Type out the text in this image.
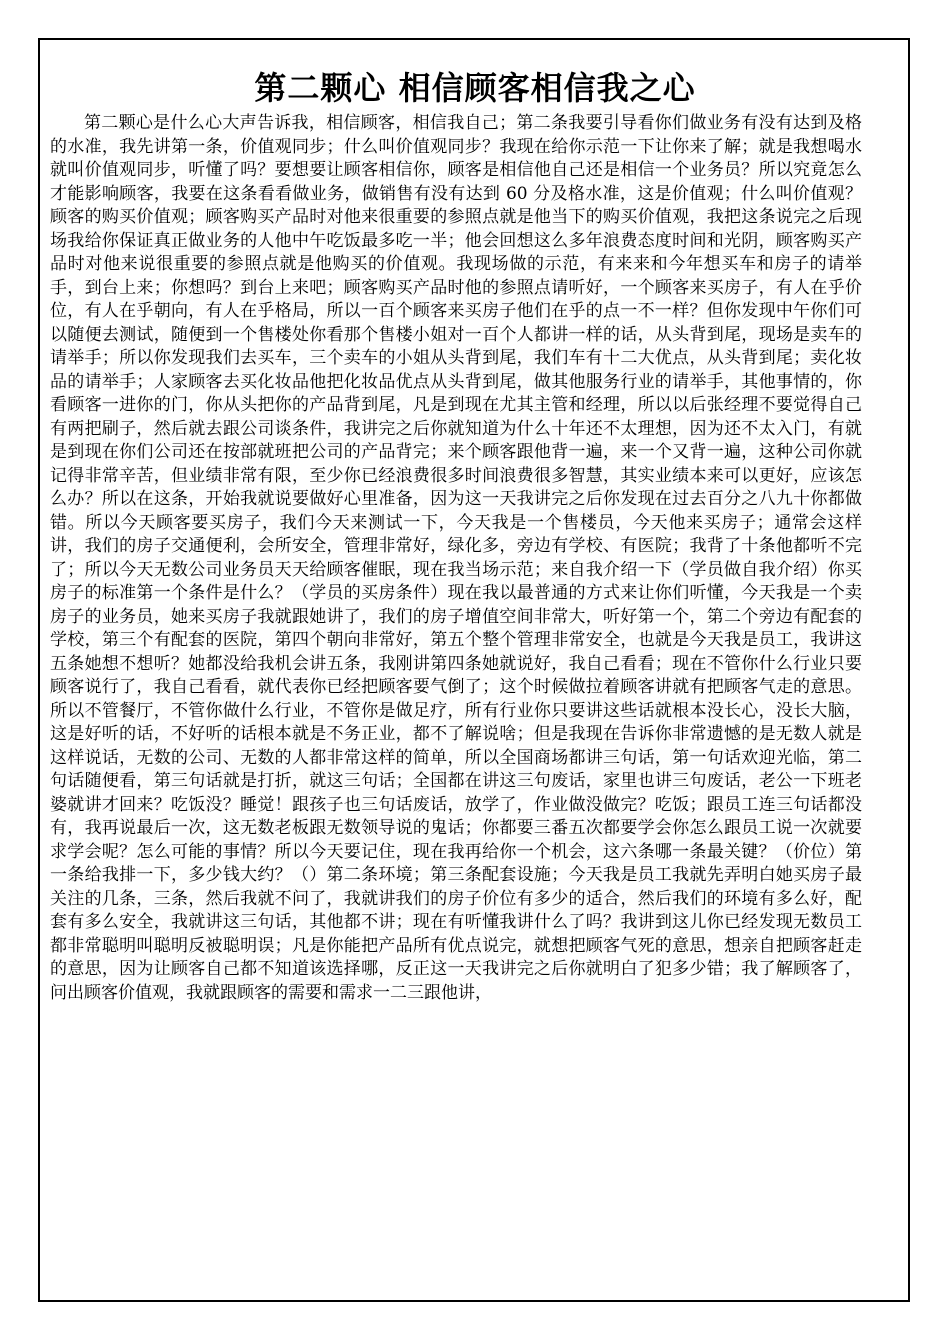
第二颗心 相信顾客相信我之心

第二颗心是什么心大声告诉我，相信顾客，相信我自己；第二条我要引导看你们做业务有没有达到及格的水准，我先讲第一条，价值观同步；什么叫价值观同步？我现在给你示范一下让你来了解；就是我想喝水就叫价值观同步，听懂了吗？要想要让顾客相信你，顾客是相信他自己还是相信一个业务员？所以究竟怎么才能影响顾客，我要在这条看看做业务，做销售有没有达到 60 分及格水准，这是价值观；什么叫价值观？顾客的购买价值观；顾客购买产品时对他来很重要的参照点就是他当下的购买价值观，我把这条说完之后现场我给你保证真正做业务的人他中午吃饭最多吃一半；他会回想这么多年浪费态度时间和光阴，顾客购买产品时对他来说很重要的参照点就是他购买的价值观。我现场做的示范，有来来和今年想买车和房子的请举手，到台上来；你想吗？到台上来吧；顾客购买产品时他的参照点请听好，一个顾客来买房子，有人在乎价位，有人在乎朝向，有人在乎格局，所以一百个顾客来买房子他们在乎的点一不一样？但你发现中午你们可以随便去测试，随便到一个售楼处你看那个售楼小姐对一百个人都讲一样的话，从头背到尾，现场是卖车的请举手；所以你发现我们去买车，三个卖车的小姐从头背到尾，我们车有十二大优点，从头背到尾；卖化妆品的请举手；人家顾客去买化妆品他把化妆品优点从头背到尾，做其他服务行业的请举手，其他事情的，你看顾客一进你的门，你从头把你的产品背到尾，凡是到现在尤其主管和经理，所以以后张经理不要觉得自己有两把刷子，然后就去跟公司谈条件，我讲完之后你就知道为什么十年还不太理想，因为还不太入门，有就是到现在你们公司还在按部就班把公司的产品背完；来个顾客跟他背一遍，来一个又背一遍，这种公司你就记得非常辛苦，但业绩非常有限，至少你已经浪费很多时间浪费很多智慧，其实业绩本来可以更好，应该怎么办？所以在这条，开始我就说要做好心里准备，因为这一天我讲完之后你发现在过去百分之八九十你都做错。所以今天顾客要买房子，我们今天来测试一下，今天我是一个售楼员，今天他来买房子；通常会这样讲，我们的房子交通便利，会所安全，管理非常好，绿化多，旁边有学校、有医院；我背了十条他都听不完了；所以今天无数公司业务员天天给顾客催眠，现在我当场示范；来自我介绍一下（学员做自我介绍）你买房子的标准第一个条件是什么？（学员的买房条件）现在我以最普通的方式来让你们听懂，今天我是一个卖房子的业务员，她来买房子我就跟她讲了，我们的房子增值空间非常大，听好第一个，第二个旁边有配套的学校，第三个有配套的医院，第四个朝向非常好，第五个整个管理非常安全，也就是今天我是员工，我讲这五条她想不想听？她都没给我机会讲五条，我刚讲第四条她就说好，我自己看看；现在不管你什么行业只要顾客说行了，我自己看看，就代表你已经把顾客要气倒了；这个时候做拉着顾客讲就有把顾客气走的意思。所以不管餐厅，不管你做什么行业，不管你是做足疗，所有行业你只要讲这些话就根本没长心，没长大脑，这是好听的话，不好听的话根本就是不务正业，都不了解说啥；但是我现在告诉你非常遗憾的是无数人就是这样说话，无数的公司、无数的人都非常这样的简单，所以全国商场都讲三句话，第一句话欢迎光临，第二句话随便看，第三句话就是打折，就这三句话；全国都在讲这三句废话，家里也讲三句废话，老公一下班老婆就讲才回来？吃饭没？睡觉！跟孩子也三句话废话，放学了，作业做没做完？吃饭；跟员工连三句话都没有，我再说最后一次，这无数老板跟无数领导说的鬼话；你都要三番五次都要学会你怎么跟员工说一次就要求学会呢？怎么可能的事情？所以今天要记住，现在我再给你一个机会，这六条哪一条最关键？（价位）第一条给我排一下，多少钱大约？（）第二条环境；第三条配套设施；今天我是员工我就先弄明白她买房子最关注的几条，三条，然后我就不问了，我就讲我们的房子价位有多少的适合，然后我们的环境有多么好，配套有多么安全，我就讲这三句话，其他都不讲；现在有听懂我讲什么了吗？我讲到这儿你已经发现无数员工都非常聪明叫聪明反被聪明误；凡是你能把产品所有优点说完，就想把顾客气死的意思，想亲自把顾客赶走的意思，因为让顾客自己都不知道该选择哪，反正这一天我讲完之后你就明白了犯多少错；我了解顾客了，问出顾客价值观，我就跟顾客的需要和需求一二三跟他讲，
